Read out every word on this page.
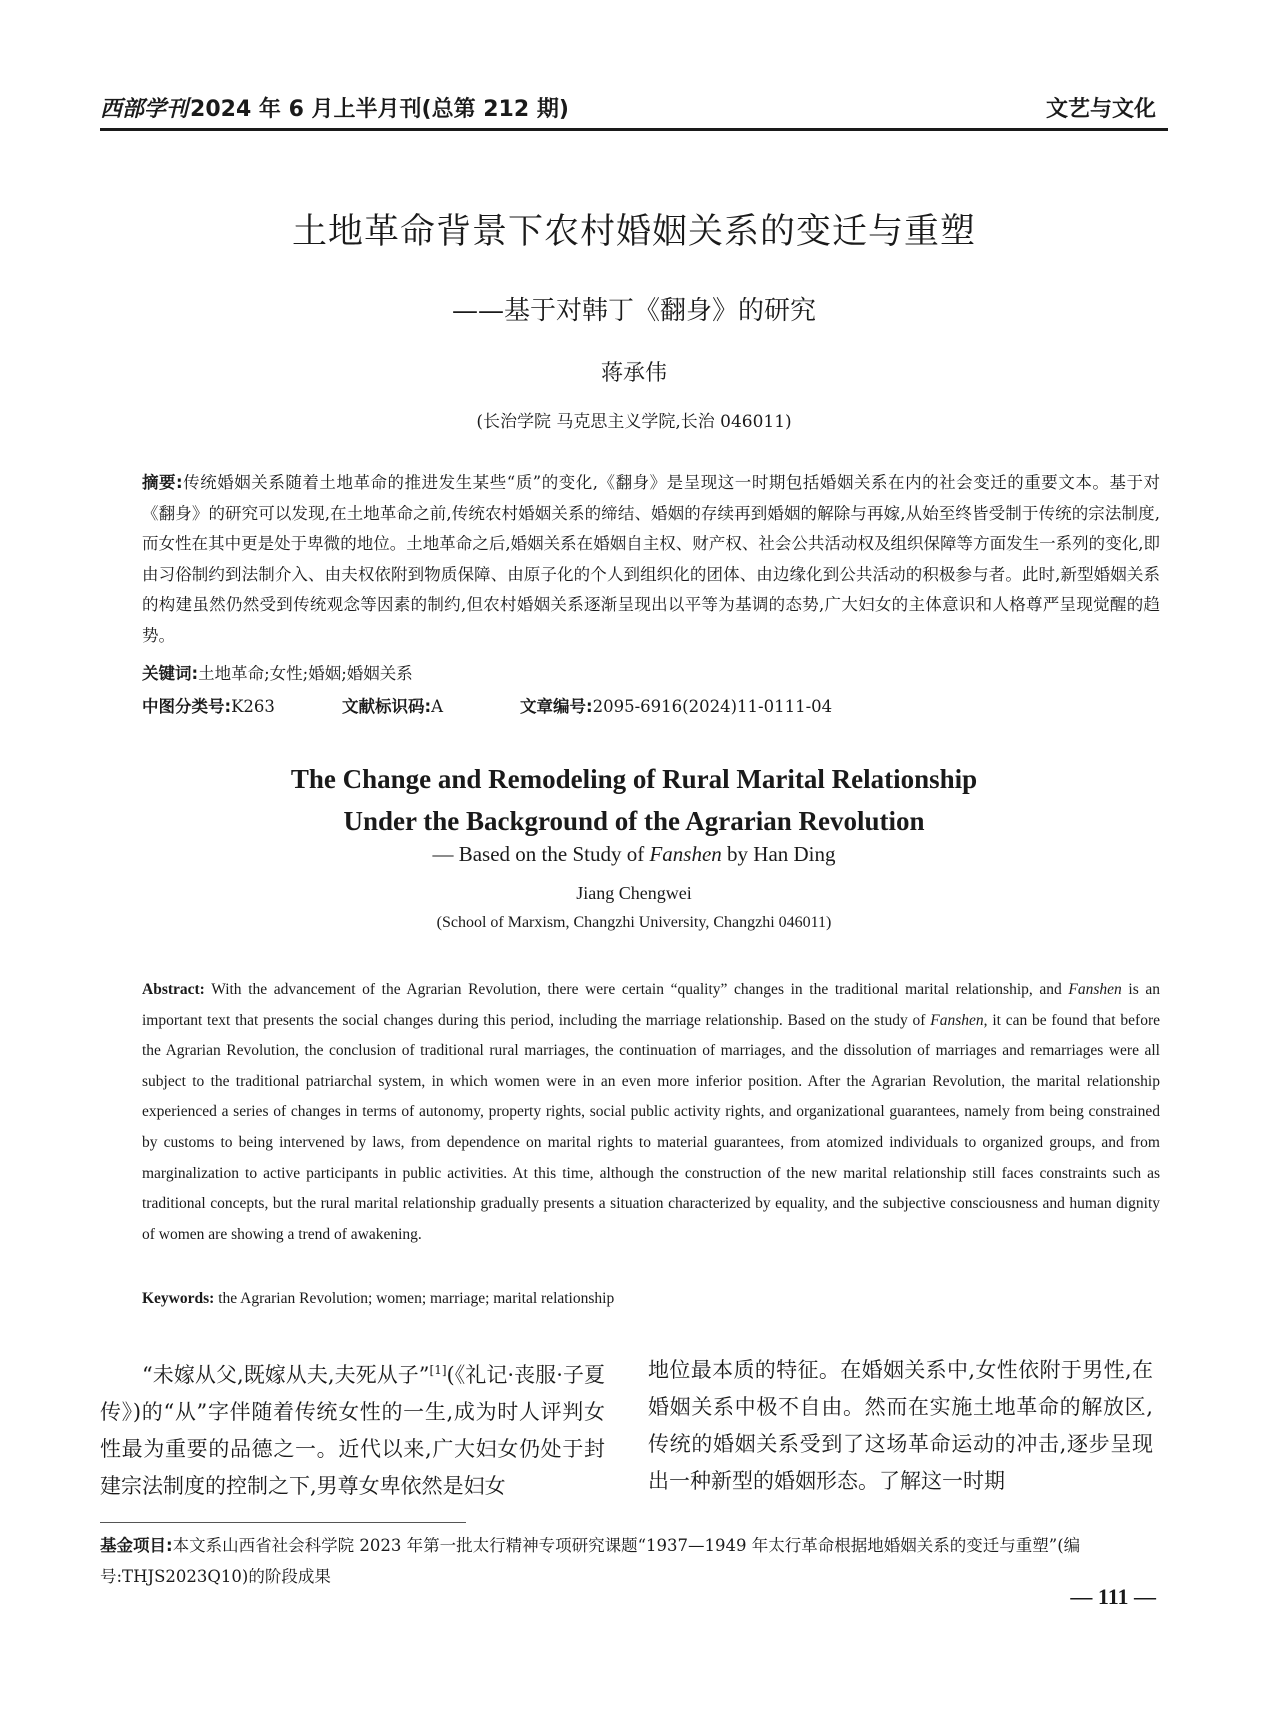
西部学刊2024 年 6 月上半月刊(总第 212 期)	文艺与文化
土地革命背景下农村婚姻关系的变迁与重塑
——基于对韩丁《翻身》的研究
蒋承伟
(长治学院 马克思主义学院,长治 046011)
摘要:传统婚姻关系随着土地革命的推进发生某些“质”的变化,《翻身》是呈现这一时期包括婚姻关系在内的社会变迁的重要文本。基于对《翻身》的研究可以发现,在土地革命之前,传统农村婚姻关系的缔结、婚姻的存续再到婚姻的解除与再嫁,从始至终皆受制于传统的宗法制度,而女性在其中更是处于卑微的地位。土地革命之后,婚姻关系在婚姻自主权、财产权、社会公共活动权及组织保障等方面发生一系列的变化,即由习俗制约到法制介入、由夫权依附到物质保障、由原子化的个人到组织化的团体、由边缘化到公共活动的积极参与者。此时,新型婚姻关系的构建虽然仍然受到传统观念等因素的制约,但农村婚姻关系逐渐呈现出以平等为基调的态势,广大妇女的主体意识和人格尊严呈现觉醒的趋势。
关键词:土地革命;女性;婚姻;婚姻关系
中图分类号:K263	文献标识码:A	文章编号:2095-6916(2024)11-0111-04
The Change and Remodeling of Rural Marital Relationship
Under the Background of the Agrarian Revolution
— Based on the Study of Fanshen by Han Ding
Jiang Chengwei
(School of Marxism, Changzhi University, Changzhi 046011)
Abstract: With the advancement of the Agrarian Revolution, there were certain “quality” changes in the traditional marital relationship, and Fanshen is an important text that presents the social changes during this period, including the marriage relationship. Based on the study of Fanshen, it can be found that before the Agrarian Revolution, the conclusion of traditional rural marriages, the continuation of marriages, and the dissolution of marriages and remarriages were all subject to the traditional patriarchal system, in which women were in an even more inferior position. After the Agrarian Revolution, the marital relationship experienced a series of changes in terms of autonomy, property rights, social public activity rights, and organizational guarantees, namely from being constrained by customs to being intervened by laws, from dependence on marital rights to material guarantees, from atomized individuals to organized groups, and from marginalization to active participants in public activities. At this time, although the construction of the new marital relationship still faces constraints such as traditional concepts, but the rural marital relationship gradually presents a situation characterized by equality, and the subjective consciousness and human dignity of women are showing a trend of awakening.
Keywords: the Agrarian Revolution; women; marriage; marital relationship
“未嫁从父,既嫁从夫,夫死从子”[1](《礼记·丧服·子夏传》)的“从”字伴随着传统女性的一生,成为时人评判女性最为重要的品德之一。近代以来,广大妇女仍处于封建宗法制度的控制之下,男尊女卑依然是妇女
地位最本质的特征。在婚姻关系中,女性依附于男性,在婚姻关系中极不自由。然而在实施土地革命的解放区,传统的婚姻关系受到了这场革命运动的冲击,逐步呈现出一种新型的婚姻形态。了解这一时期
基金项目:本文系山西省社会科学院 2023 年第一批太行精神专项研究课题“1937—1949 年太行革命根据地婚姻关系的变迁与重塑”(编号:THJS2023Q10)的阶段成果
— 111 —
